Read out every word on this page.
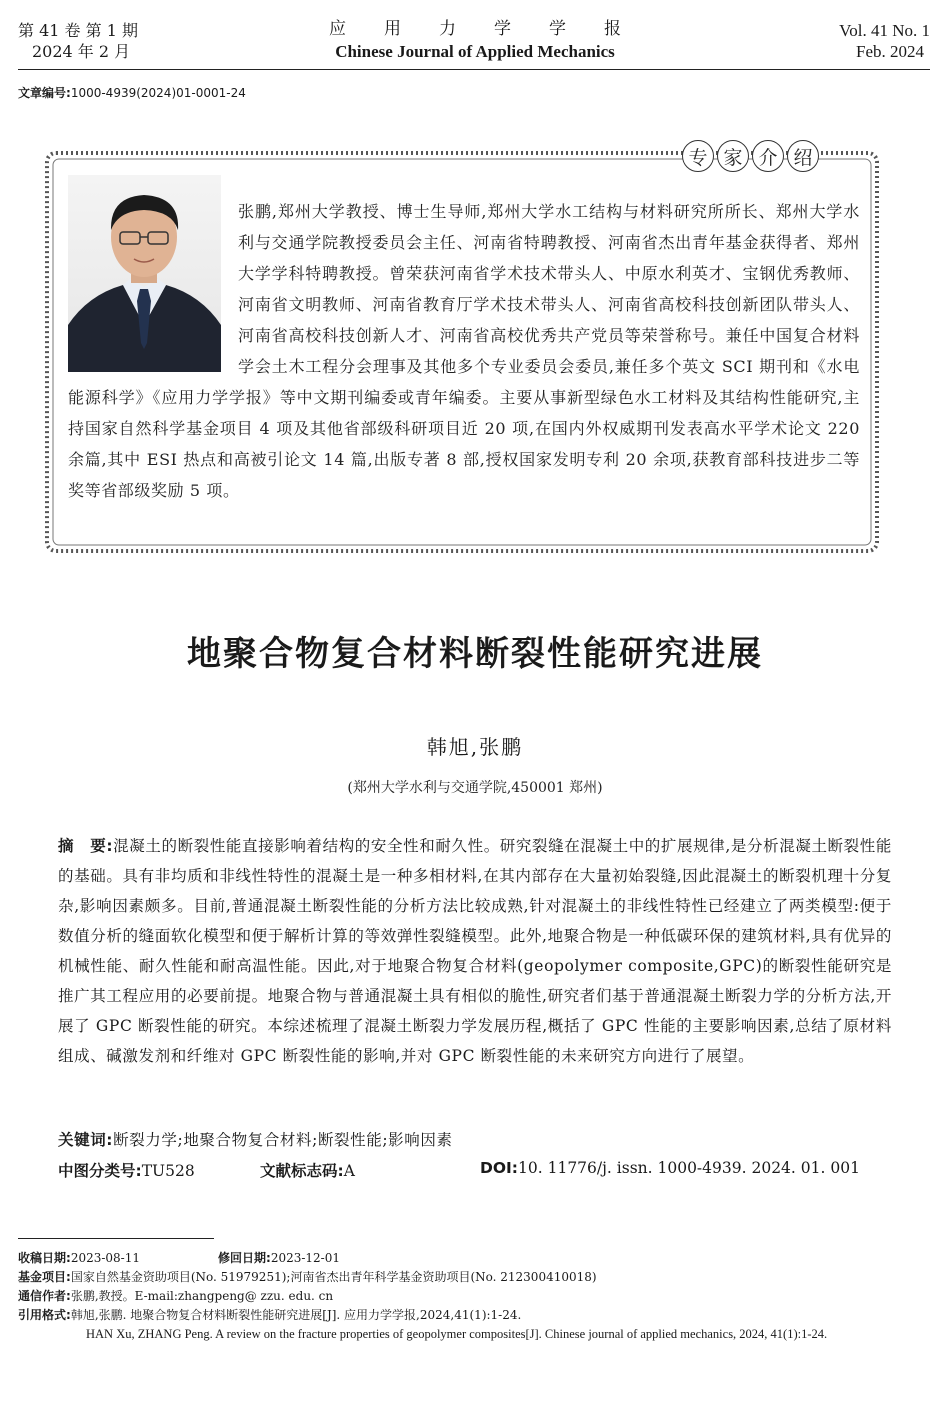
第 41 卷 第 1 期
2024 年 2 月
应用力学学报
Chinese Journal of Applied Mechanics
Vol. 41 No. 1
Feb. 2024
文章编号:1000-4939(2024)01-0001-24
专 家 介 绍
张鹏,郑州大学教授、博士生导师,郑州大学水工结构与材料研究所所长、郑州大学水利与交通学院教授委员会主任、河南省特聘教授、河南省杰出青年基金获得者、郑州大学学科特聘教授。曾荣获河南省学术技术带头人、中原水利英才、宝钢优秀教师、河南省文明教师、河南省教育厅学术技术带头人、河南省高校科技创新团队带头人、河南省高校科技创新人才、河南省高校优秀共产党员等荣誉称号。兼任中国复合材料学会土木工程分会理事及其他多个专业委员会委员,兼任多个英文 SCI 期刊和《水电能源科学》《应用力学学报》等中文期刊编委或青年编委。主要从事新型绿色水工材料及其结构性能研究,主持国家自然科学基金项目 4 项及其他省部级科研项目近 20 项,在国内外权威期刊发表高水平学术论文 220 余篇,其中 ESI 热点和高被引论文 14 篇,出版专著 8 部,授权国家发明专利 20 余项,获教育部科技进步二等奖等省部级奖励 5 项。
地聚合物复合材料断裂性能研究进展
韩旭,张鹏
(郑州大学水利与交通学院,450001 郑州)
摘　要:混凝土的断裂性能直接影响着结构的安全性和耐久性。研究裂缝在混凝土中的扩展规律,是分析混凝土断裂性能的基础。具有非均质和非线性特性的混凝土是一种多相材料,在其内部存在大量初始裂缝,因此混凝土的断裂机理十分复杂,影响因素颇多。目前,普通混凝土断裂性能的分析方法比较成熟,针对混凝土的非线性特性已经建立了两类模型:便于数值分析的缝面软化模型和便于解析计算的等效弹性裂缝模型。此外,地聚合物是一种低碳环保的建筑材料,具有优异的机械性能、耐久性能和耐高温性能。因此,对于地聚合物复合材料(geopolymer composite,GPC)的断裂性能研究是推广其工程应用的必要前提。地聚合物与普通混凝土具有相似的脆性,研究者们基于普通混凝土断裂力学的分析方法,开展了 GPC 断裂性能的研究。本综述梳理了混凝土断裂力学发展历程,概括了 GPC 性能的主要影响因素,总结了原材料组成、碱激发剂和纤维对 GPC 断裂性能的影响,并对 GPC 断裂性能的未来研究方向进行了展望。
关键词:断裂力学;地聚合物复合材料;断裂性能;影响因素
中图分类号:TU528	文献标志码:A	DOI:10. 11776/j. issn. 1000-4939. 2024. 01. 001
收稿日期:2023-08-11	修回日期:2023-12-01
基金项目:国家自然基金资助项目(No. 51979251);河南省杰出青年科学基金资助项目(No. 212300410018)
通信作者:张鹏,教授。E-mail:zhangpeng@ zzu. edu. cn
引用格式:韩旭,张鹏. 地聚合物复合材料断裂性能研究进展[J]. 应用力学学报,2024,41(1):1-24.
HAN Xu, ZHANG Peng. A review on the fracture properties of geopolymer composites[J]. Chinese journal of applied mechanics, 2024, 41(1):1-24.
